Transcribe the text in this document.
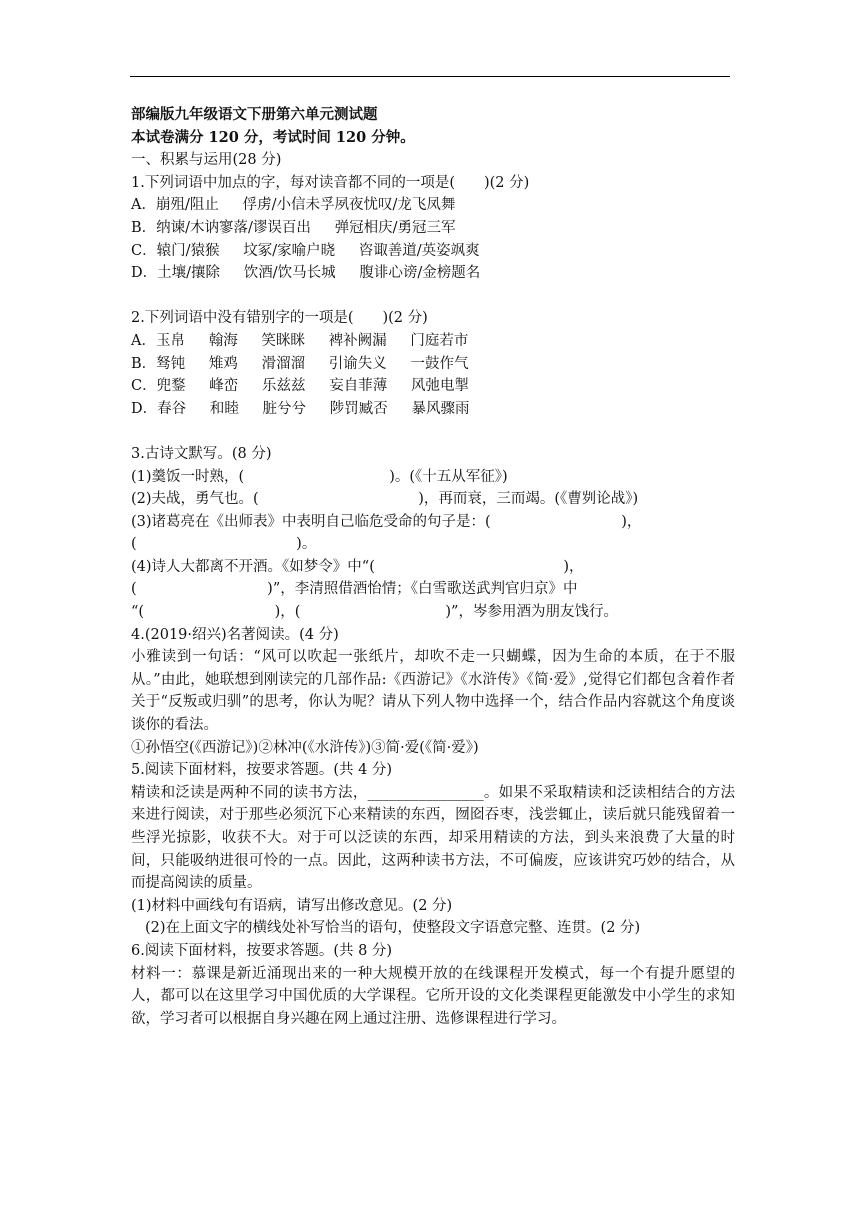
部编版九年级语文下册第六单元测试题
本试卷满分 120 分，考试时间 120 分钟。
一、积累与运用(28 分)
1.下列词语中加点的字，每对读音都不同的一项是(　　)(2 分)
A．崩殂/阻止　  俘虏/小信未孚夙夜忧叹/龙飞凤舞
B．纳谏/木讷寥落/谬误百出　  弹冠相庆/勇冠三军
C．辕门/猿猴　  坟冢/家喻户晓　  咨诹善道/英姿飒爽
D．土壤/攘除　  饮酒/饮马长城　  腹诽心谤/金榜题名
2.下列词语中没有错别字的一项是(　　)(2 分)
A．玉帛　  翰海　  笑眯眯　  裨补阙漏　  门庭若市
B．驽钝　  雉鸡　  滑溜溜　  引谕失义　  一鼓作气
C．兜鍪　  峰峦　  乐兹兹　  妄自菲薄　  风弛电掣
D．春谷　  和睦　  脏兮兮　  陟罚臧否　  暴风骤雨
3.古诗文默写。(8 分)
(1)羹饭一时熟，(　　　　　　　　　　)。(《十五从军征》)
(2)夫战，勇气也。(　　　　　　　　　　　)，再而衰，三而竭。(《曹刿论战》)
(3)诸葛亮在《出师表》中表明自己临危受命的句子是：(　　　　　　　　　)，
(　　　　　　　　　　　)。
(4)诗人大都离不开酒。《如梦令》中“(　　　　　　　　　　　　　)，
(　　　　　　　　　)”，李清照借酒怡情；《白雪歌送武判官归京》中
“(　　　　　　　　　)，(　　　　　　　　　　)”，岑参用酒为朋友饯行。
4.(2019·绍兴)名著阅读。(4 分)
小雅读到一句话：“风可以吹起一张纸片，却吹不走一只蝴蝶，因为生命的本质，在于不服从。”由此，她联想到刚读完的几部作品:《西游记》《水浒传》《简·爱》,觉得它们都包含着作者关于“反叛或归驯”的思考，你认为呢？请从下列人物中选择一个，结合作品内容就这个角度谈谈你的看法。
①孙悟空(《西游记》)②林冲(《水浒传》)③简·爱(《简·爱》)
5.阅读下面材料，按要求答题。(共 4 分)
精读和泛读是两种不同的读书方法，________________。如果不采取精读和泛读相结合的方法来进行阅读，对于那些必须沉下心来精读的东西，囫囵吞枣，浅尝辄止，读后就只能残留着一些浮光掠影，收获不大。对于可以泛读的东西，却采用精读的方法，到头来浪费了大量的时间，只能吸纳进很可怜的一点。因此，这两种读书方法，不可偏废，应该讲究巧妙的结合，从而提高阅读的质量。
(1)材料中画线句有语病，请写出修改意见。(2 分)
(2)在上面文字的横线处补写恰当的语句，使整段文字语意完整、连贯。(2 分)
6.阅读下面材料，按要求答题。(共 8 分)
材料一：慕课是新近涌现出来的一种大规模开放的在线课程开发模式，每一个有提升愿望的人，都可以在这里学习中国优质的大学课程。它所开设的文化类课程更能激发中小学生的求知欲，学习者可以根据自身兴趣在网上通过注册、选修课程进行学习。
